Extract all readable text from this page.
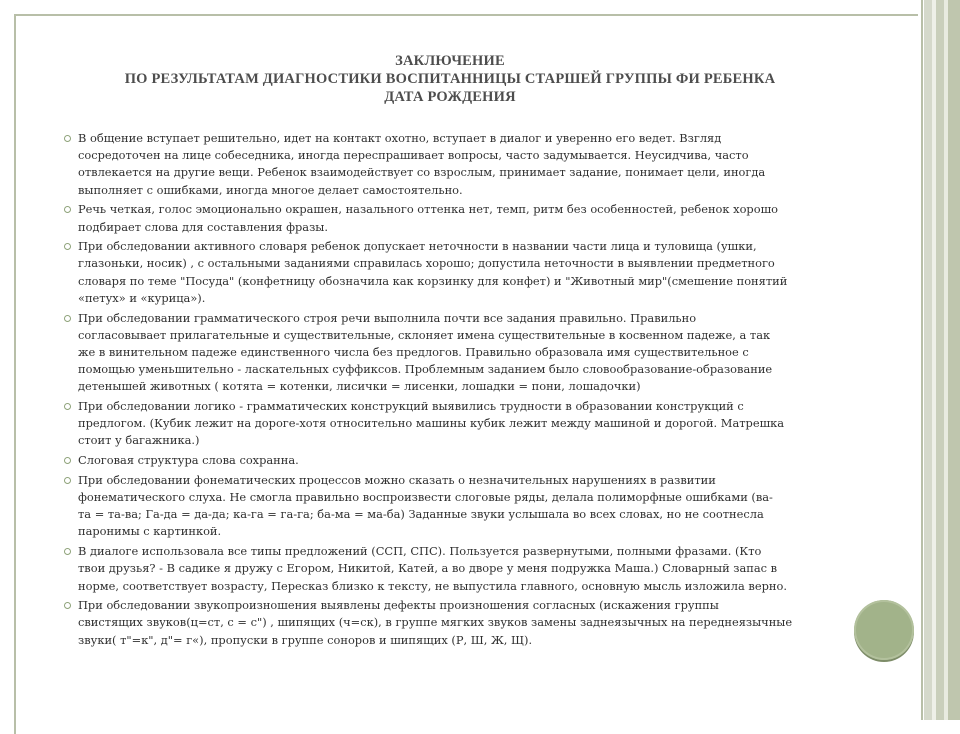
ЗАКЛЮЧЕНИЕ
ПО РЕЗУЛЬТАТАМ ДИАГНОСТИКИ ВОСПИТАННИЦЫ СТАРШЕЙ ГРУППЫ ФИ РЕБЕНКА
ДАТА РОЖДЕНИЯ
В общение вступает решительно, идет на контакт охотно, вступает в диалог и уверенно его ведет. Взгляд
сосредоточен на лице собеседника, иногда переспрашивает вопросы, часто задумывается. Неусидчива, часто
отвлекается на другие вещи. Ребенок взаимодействует со взрослым, принимает задание, понимает цели, иногда
выполняет с ошибками, иногда многое делает самостоятельно.
Речь четкая, голос эмоционально окрашен, назального оттенка нет, темп, ритм без особенностей, ребенок хорошо
подбирает слова для составления фразы.
При обследовании активного словаря ребенок допускает неточности в названии части лица и туловища (ушки,
глазоньки, носик) , с остальными заданиями справилась хорошо; допустила неточности в выявлении предметного
словаря по теме "Посуда" (конфетницу обозначила как корзинку для конфет) и "Животный мир"(смешение понятий
«петух» и «курица»).
При обследовании грамматического строя речи выполнила почти все задания правильно. Правильно
согласовывает прилагательные и существительные, склоняет имена существительные в косвенном падеже, а так
же в винительном падеже единственного числа без предлогов. Правильно образовала имя существительное с
помощью уменьшительно - ласкательных суффиксов. Проблемным заданием было словообразование-образование
детенышей животных ( котята = котенки, лисички = лисенки, лошадки = пони, лошадочки)
При обследовании логико - грамматических конструкций выявились трудности в образовании конструкций с
предлогом. (Кубик лежит на дороге-хотя относительно машины кубик лежит между машиной и дорогой. Матрешка
стоит у багажника.)
Слоговая структура слова сохранна.
При обследовании фонематических процессов можно сказать о незначительных нарушениях в развитии
фонематического слуха. Не смогла правильно воспроизвести слоговые ряды, делала полиморфные ошибками (ва-
та = та-ва; Га-да = да-да; ка-га = га-га; ба-ма = ма-ба) Заданные звуки услышала во всех словах, но не соотнесла
паронимы с картинкой.
В диалоге использовала все типы предложений (ССП, СПС). Пользуется развернутыми, полными фразами. (Кто
твои друзья? - В садике я дружу с Егором, Никитой, Катей, а во дворе у меня подружка Маша.) Словарный запас в
норме, соответствует возрасту, Пересказ близко к тексту, не выпустила главного, основную мысль изложила верно.
При обследовании звукопроизношения выявлены дефекты произношения согласных (искажения группы
свистящих звуков(ц=ст, с = с") , шипящих (ч=ск), в группе мягких звуков замены заднеязычных на переднеязычные
звуки( т"=к", д"= г«), пропуски в группе соноров и шипящих (Р, Ш, Ж, Щ).
